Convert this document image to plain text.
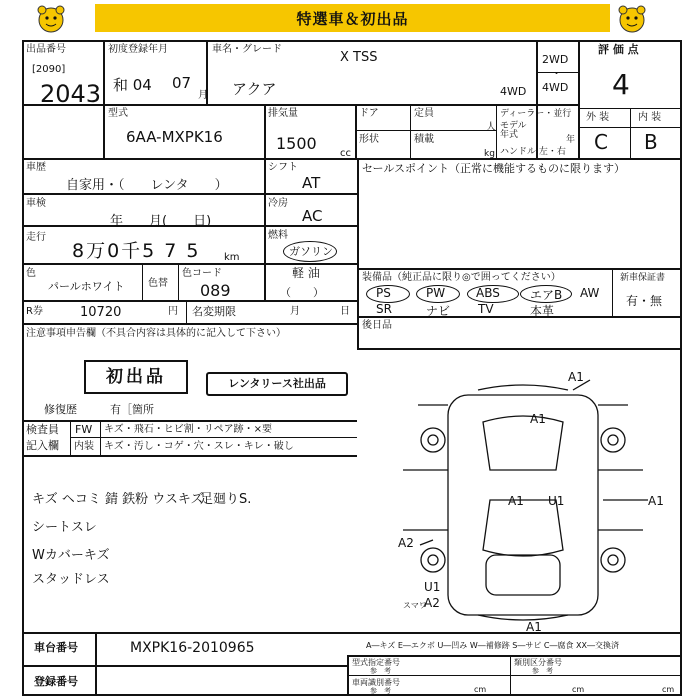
特選車＆初出品
出品番号
[2090]
2043
初度登録年月
和 04 07
月
車名・グレード
X TSS
アクア	4WD
2WD
・
4WD
評 価 点
4
外 装	内 装
C B
型式
6AA-MXPK16
排気量
1500
cc
ドア
形状
定員
人
積載
kg
ディーラー・並行
モデル年式	年
ハンドル 左・右
車歴
自家用・（　　レンタ　　）
シフト
AT
車検
年　　月(　　日)
冷房
AC
走行
8万0千5 7 5 km
燃料
ガソリン
軽 油
（　　）
色
パールホワイト 色替
色コード
089
R券	10720	円 名変期限	月	日
セールスポイント（正常に機能するものに限ります）
装備品（純正品に限り◎で囲ってください）	新車保証書
有・無
PS	PW	ABS	エアB AW
SR	ナビ TV	本革
後日品
注意事項申告欄（不具合内容は具体的に記入して下さい）
初出品	レンタリース社出品
修復歴	有［箇所
検査員
記入欄
FW キズ・飛石・ヒビ割・リペア跡・×要
内装 キズ・汚し・コゲ・穴・スレ・キレ・破し
キズ ヘコミ 錆 鉄粉 ウスキズ
足廻りS.
シートスレ
Wカバーキズ
スタッドレス
A1
A1
A1
A1 U1
A2
U1
A2
スマワ
A1
A―キズ E―エクボ U―凹み W―補修跡 S―サビ C―腐食 XX―交換済
車台番号	MXPK16-2010965
登録番号
型式指定番号
参　考
類別区分番号
参　考
車両識別番号
参　考	cm	cm	cm
